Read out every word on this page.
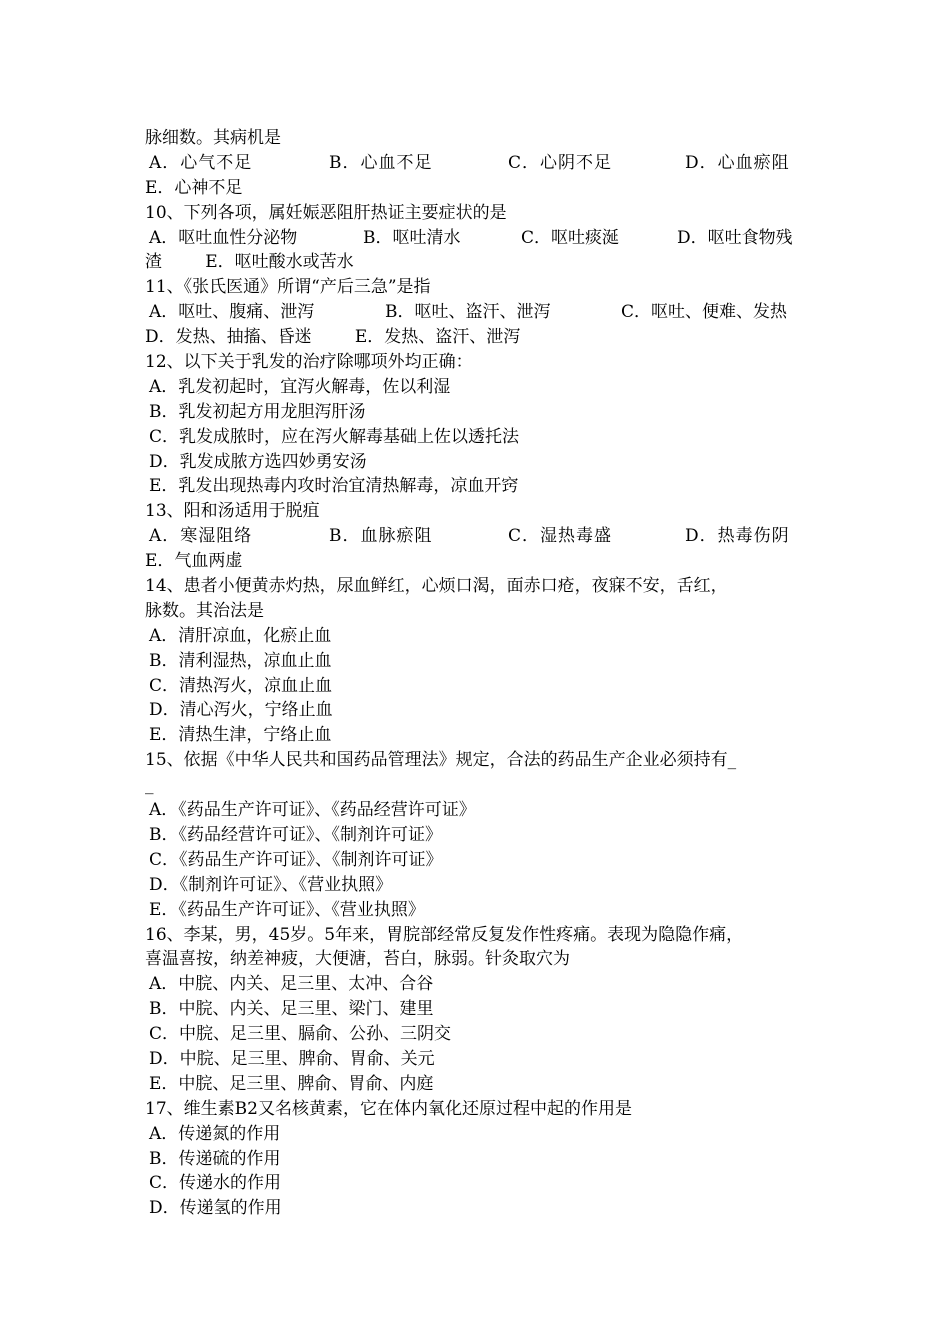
脉细数。其病机是

A．心气不足

	B．心血不足

	C．心阴不足

	D．心血瘀阻

E．心神不足
10、下列各项，属妊娠恶阻肝热证主要症状的是

A．呕吐血性分泌物

	B．呕吐清水

	C．呕吐痰涎

	D．呕吐食物残

渣        E．呕吐酸水或苦水
11、《张氏医通》所谓“产后三急”是指

A．呕吐、腹痛、泄泻

	B．呕吐、盗汗、泄泻

	C．呕吐、便难、发热

D．发热、抽搐、昏迷        E．发热、盗汗、泄泻
12、以下关于乳发的治疗除哪项外均正确：
A．乳发初起时，宜泻火解毒，佐以利湿
B．乳发初起方用龙胆泻肝汤
C．乳发成脓时，应在泻火解毒基础上佐以透托法
D．乳发成脓方选四妙勇安汤
E．乳发出现热毒内攻时治宜清热解毒，凉血开窍
13、阳和汤适用于脱疽

A．寒湿阻络

	B．血脉瘀阻

	C．湿热毒盛

	D．热毒伤阴

E．气血两虚
14、患者小便黄赤灼热，尿血鲜红，心烦口渴，面赤口疮，夜寐不安，舌红，
脉数。其治法是
A．清肝凉血，化瘀止血
B．清利湿热，凉血止血
C．清热泻火，凉血止血
D．清心泻火，宁络止血
E．清热生津，宁络止血
15、依据《中华人民共和国药品管理法》规定，合法的药品生产企业必须持有_
_
A．《药品生产许可证》、《药品经营许可证》
B．《药品经营许可证》、《制剂许可证》
C．《药品生产许可证》、《制剂许可证》
D．《制剂许可证》、《营业执照》
E．《药品生产许可证》、《营业执照》
16、李某，男，45岁。5年来，胃脘部经常反复发作性疼痛。表现为隐隐作痛，
喜温喜按，纳差神疲，大便溏，苔白，脉弱。针灸取穴为
A．中脘、内关、足三里、太冲、合谷
B．中脘、内关、足三里、梁门、建里
C．中脘、足三里、膈俞、公孙、三阴交
D．中脘、足三里、脾俞、胃俞、关元
E．中脘、足三里、脾俞、胃俞、内庭
17、维生素B2又名核黄素，它在体内氧化还原过程中起的作用是
A．传递氮的作用
B．传递硫的作用
C．传递水的作用
D．传递氢的作用
